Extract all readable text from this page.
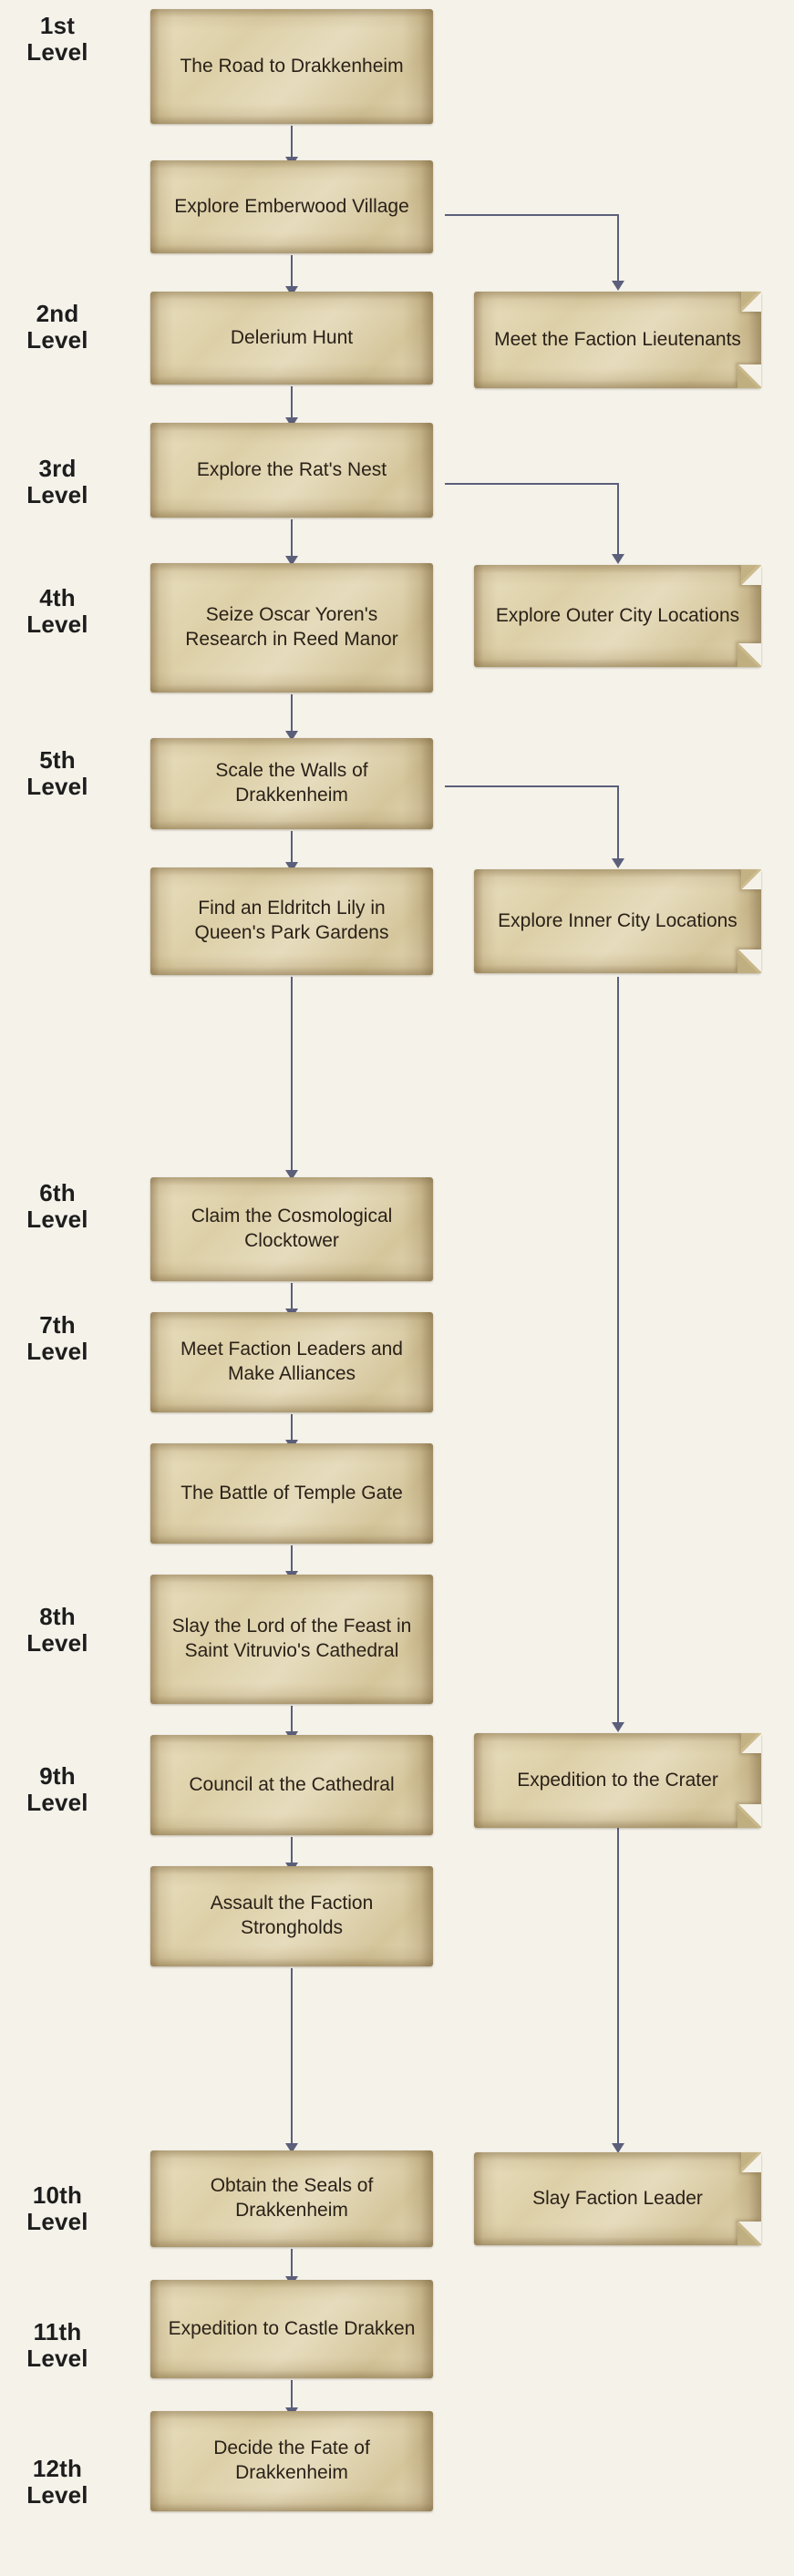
1st
Level
2nd
Level
3rd
Level
4th
Level
5th
Level
6th
Level
7th
Level
8th
Level
9th
Level
10th
Level
11th
Level
12th
Level
The Road to Drakkenheim
Explore Emberwood Village
Delerium Hunt
Explore the Rat's Nest
Seize Oscar Yoren's Research in Reed Manor
Scale the Walls of Drakkenheim
Find an Eldritch Lily in Queen's Park Gardens
Claim the Cosmological Clocktower
Meet Faction Leaders and Make Alliances
The Battle of Temple Gate
Slay the Lord of the Feast in Saint Vitruvio's Cathedral
Council at the Cathedral
Assault the Faction Strongholds
Obtain the Seals of Drakkenheim
Expedition to Castle Drakken
Decide the Fate of Drakkenheim
Meet the Faction Lieutenants
Explore Outer City Locations
Explore Inner City Locations
Expedition to the Crater
Slay Faction Leader
